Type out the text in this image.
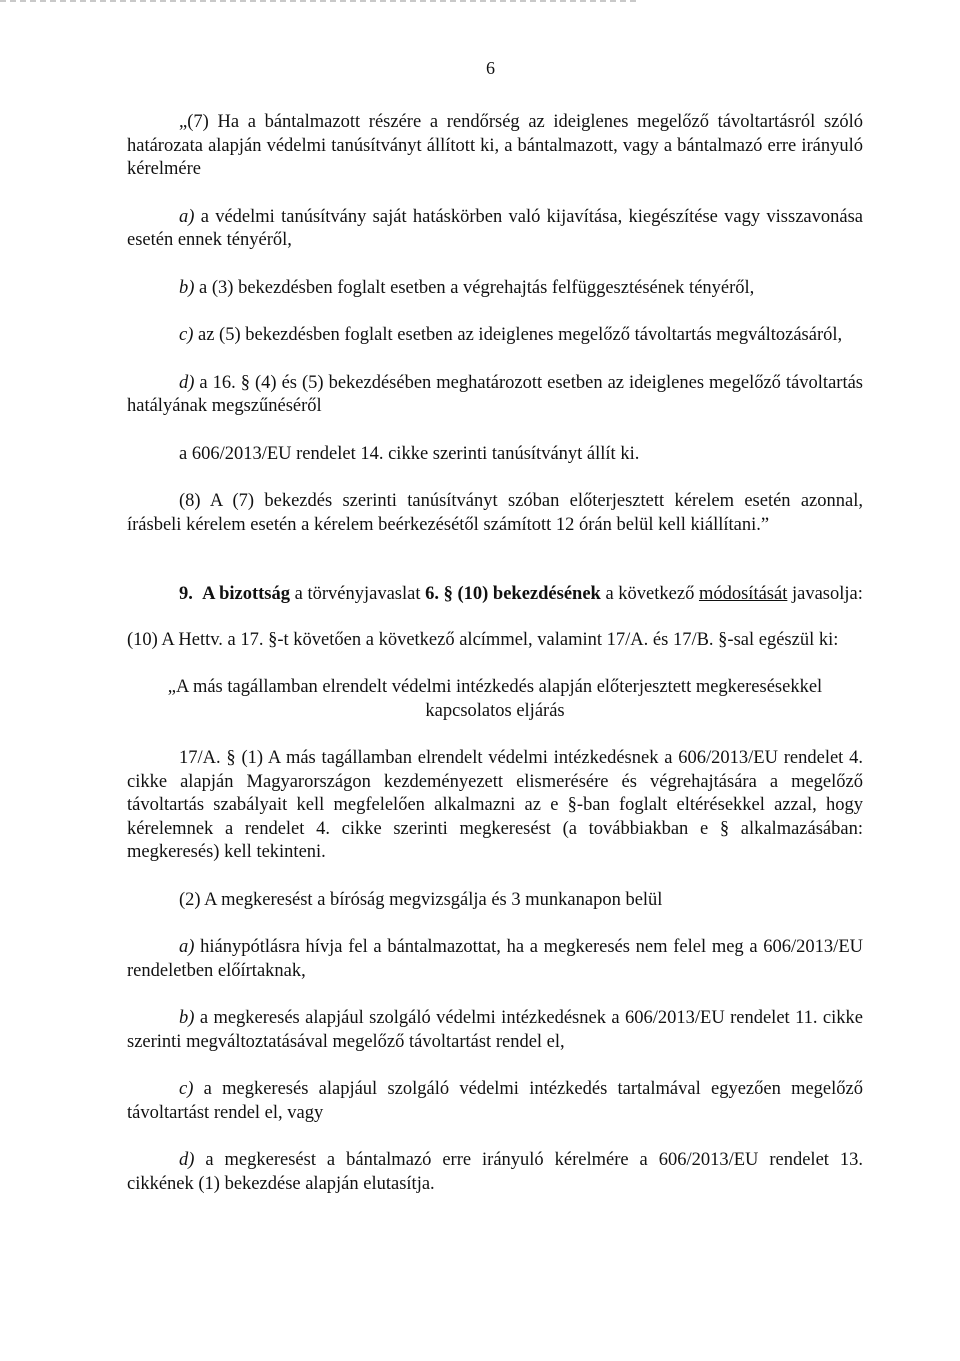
6

„(7) Ha a bántalmazott részére a rendőrség az ideiglenes megelőző távoltartásról szóló határozata alapján védelmi tanúsítványt állított ki, a bántalmazott, vagy a bántalmazó erre irányuló kérelmére

a) a védelmi tanúsítvány saját hatáskörben való kijavítása, kiegészítése vagy visszavonása esetén ennek tényéről,

b) a (3) bekezdésben foglalt esetben a végrehajtás felfüggesztésének tényéről,

c) az (5) bekezdésben foglalt esetben az ideiglenes megelőző távoltartás megváltozásáról,

d) a 16. § (4) és (5) bekezdésében meghatározott esetben az ideiglenes megelőző távoltartás hatályának megszűnéséről

a 606/2013/EU rendelet 14. cikke szerinti tanúsítványt állít ki.

(8) A (7) bekezdés szerinti tanúsítványt szóban előterjesztett kérelem esetén azonnal, írásbeli kérelem esetén a kérelem beérkezésétől számított 12 órán belül kell kiállítani.”

9. A bizottság a törvényjavaslat 6. § (10) bekezdésének a következő módosítását javasolja:

(10) A Hettv. a 17. §-t követően a következő alcímmel, valamint 17/A. és 17/B. §-sal egészül ki:

„A más tagállamban elrendelt védelmi intézkedés alapján előterjesztett megkeresésekkel

kapcsolatos eljárás

17/A. § (1) A más tagállamban elrendelt védelmi intézkedésnek a 606/2013/EU rendelet 4. cikke alapján Magyarországon kezdeményezett elismerésére és végrehajtására a megelőző távoltartás szabályait kell megfelelően alkalmazni az e §-ban foglalt eltérésekkel azzal, hogy kérelemnek a rendelet 4. cikke szerinti megkeresést (a továbbiakban e § alkalmazásában: megkeresés) kell tekinteni.

(2) A megkeresést a bíróság megvizsgálja és 3 munkanapon belül

a) hiánypótlásra hívja fel a bántalmazottat, ha a megkeresés nem felel meg a 606/2013/EU rendeletben előírtaknak,

b) a megkeresés alapjául szolgáló védelmi intézkedésnek a 606/2013/EU rendelet 11. cikke szerinti megváltoztatásával megelőző távoltartást rendel el,

c) a megkeresés alapjául szolgáló védelmi intézkedés tartalmával egyezően megelőző távoltartást rendel el, vagy

d) a megkeresést a bántalmazó erre irányuló kérelmére a 606/2013/EU rendelet 13. cikkének (1) bekezdése alapján elutasítja.
